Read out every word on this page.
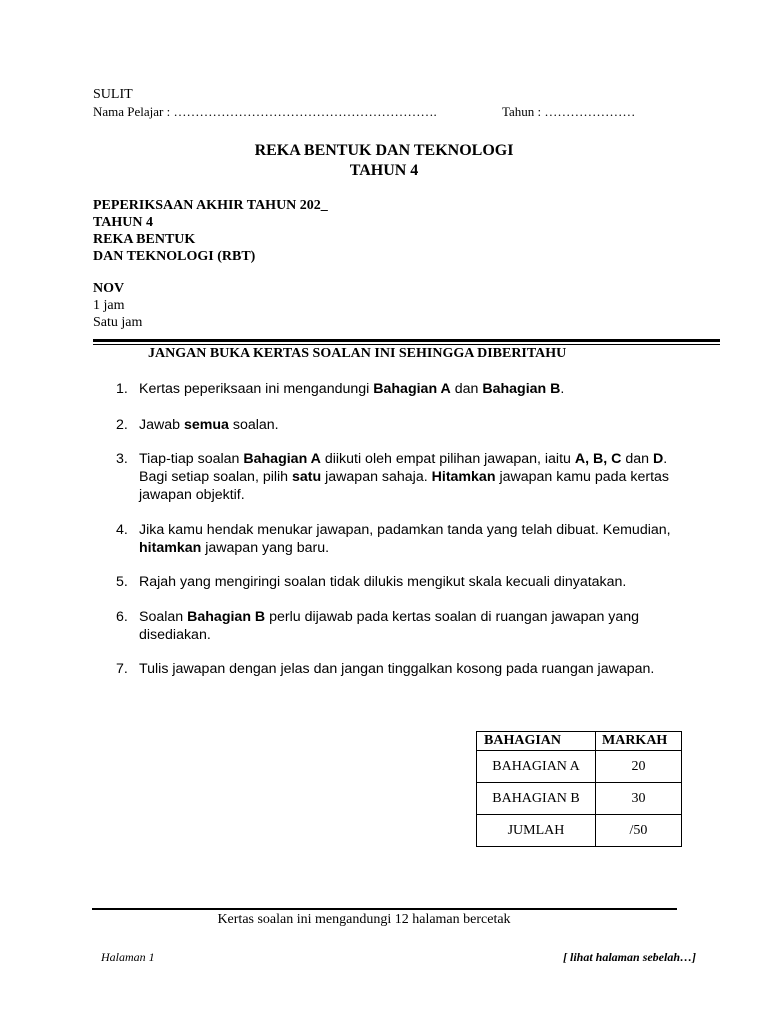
SULIT
Nama Pelajar : …………………………………………………….	Tahun : …………………
REKA BENTUK DAN TEKNOLOGI
TAHUN 4
PEPERIKSAAN AKHIR TAHUN 202_
TAHUN 4
REKA BENTUK
DAN TEKNOLOGI (RBT)
NOV
1 jam
Satu jam
JANGAN BUKA KERTAS SOALAN INI SEHINGGA DIBERITAHU
1. Kertas peperiksaan ini mengandungi Bahagian A dan Bahagian B.
2. Jawab semua soalan.
3. Tiap-tiap soalan Bahagian A diikuti oleh empat pilihan jawapan, iaitu A, B, C dan D. Bagi setiap soalan, pilih satu jawapan sahaja. Hitamkan jawapan kamu pada kertas jawapan objektif.
4. Jika kamu hendak menukar jawapan, padamkan tanda yang telah dibuat. Kemudian, hitamkan jawapan yang baru.
5. Rajah yang mengiringi soalan tidak dilukis mengikut skala kecuali dinyatakan.
6. Soalan Bahagian B perlu dijawab pada kertas soalan di ruangan jawapan yang disediakan.
7. Tulis jawapan dengan jelas dan jangan tinggalkan kosong pada ruangan jawapan.
BAHAGIAN	MARKAH
BAHAGIAN A	20
BAHAGIAN B	30
JUMLAH	/50
Kertas soalan ini mengandungi 12 halaman bercetak
Halaman 1	[ lihat halaman sebelah…]
